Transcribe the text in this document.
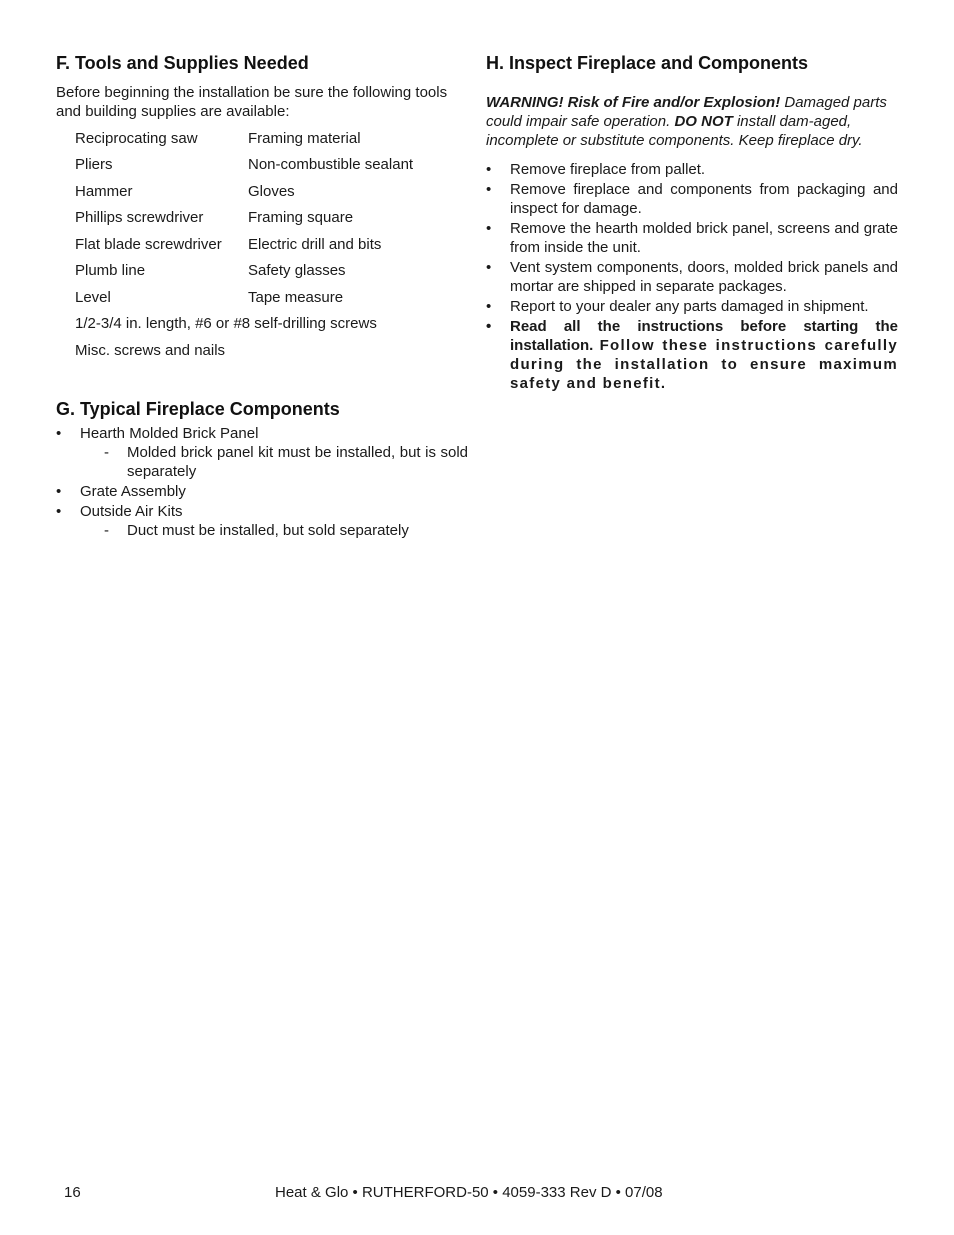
F. Tools and Supplies Needed
Before beginning the installation be sure the following tools and building supplies are available:
Reciprocating saw	Framing material
Pliers	Non-combustible sealant
Hammer	Gloves
Phillips screwdriver	Framing square
Flat blade screwdriver	Electric drill and bits
Plumb line	Safety glasses
Level	Tape measure
1/2-3/4 in. length, #6 or #8 self-drilling screws
Misc. screws and nails
G. Typical Fireplace Components
• Hearth Molded Brick Panel
- Molded brick panel kit must be installed, but is sold separately
• Grate Assembly
• Outside Air Kits
- Duct must be installed, but sold separately
H. Inspect Fireplace and Components
WARNING! Risk of Fire and/or Explosion! Damaged parts could impair safe operation. DO NOT install dam-aged, incomplete or substitute components. Keep fireplace dry.
• Remove fireplace from pallet.
• Remove fireplace and components from packaging and inspect for damage.
• Remove the hearth molded brick panel, screens and grate from inside the unit.
• Vent system components, doors, molded brick panels and mortar are shipped in separate packages.
• Report to your dealer any parts damaged in shipment.
• Read all the instructions before starting the installation. Follow these instructions carefully during the installation to ensure maximum safety and benefit.
16	Heat & Glo • RUTHERFORD-50 • 4059-333 Rev D • 07/08
